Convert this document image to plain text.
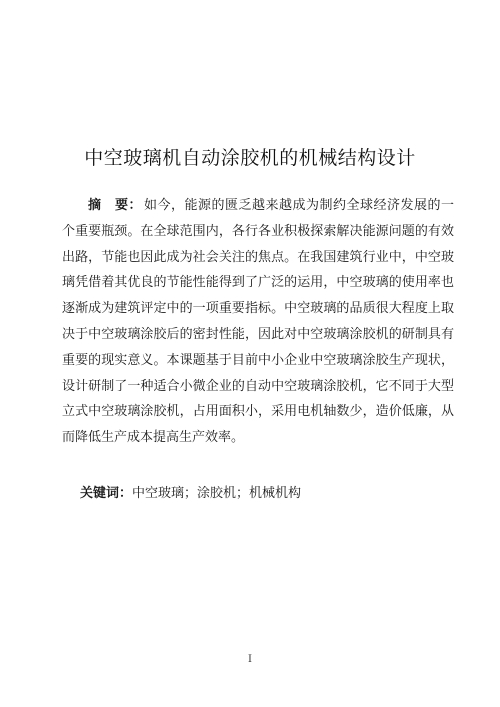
中空玻璃机自动涂胶机的机械结构设计

摘　要： 如今，能源的匮乏越来越成为制约全球经济发展的一个重要瓶颈。在全球范围内，各行各业积极探索解决能源问题的有效出路，节能也因此成为社会关注的焦点。在我国建筑行业中，中空玻璃凭借着其优良的节能性能得到了广泛的运用，中空玻璃的使用率也逐渐成为建筑评定中的一项重要指标。中空玻璃的品质很大程度上取决于中空玻璃涂胶后的密封性能，因此对中空玻璃涂胶机的研制具有重要的现实意义。本课题基于目前中小企业中空玻璃涂胶生产现状，设计研制了一种适合小微企业的自动中空玻璃涂胶机，它不同于大型立式中空玻璃涂胶机，占用面积小，采用电机轴数少，造价低廉，从而降低生产成本提高生产效率。

关键词：中空玻璃；涂胶机；机械机构
I
